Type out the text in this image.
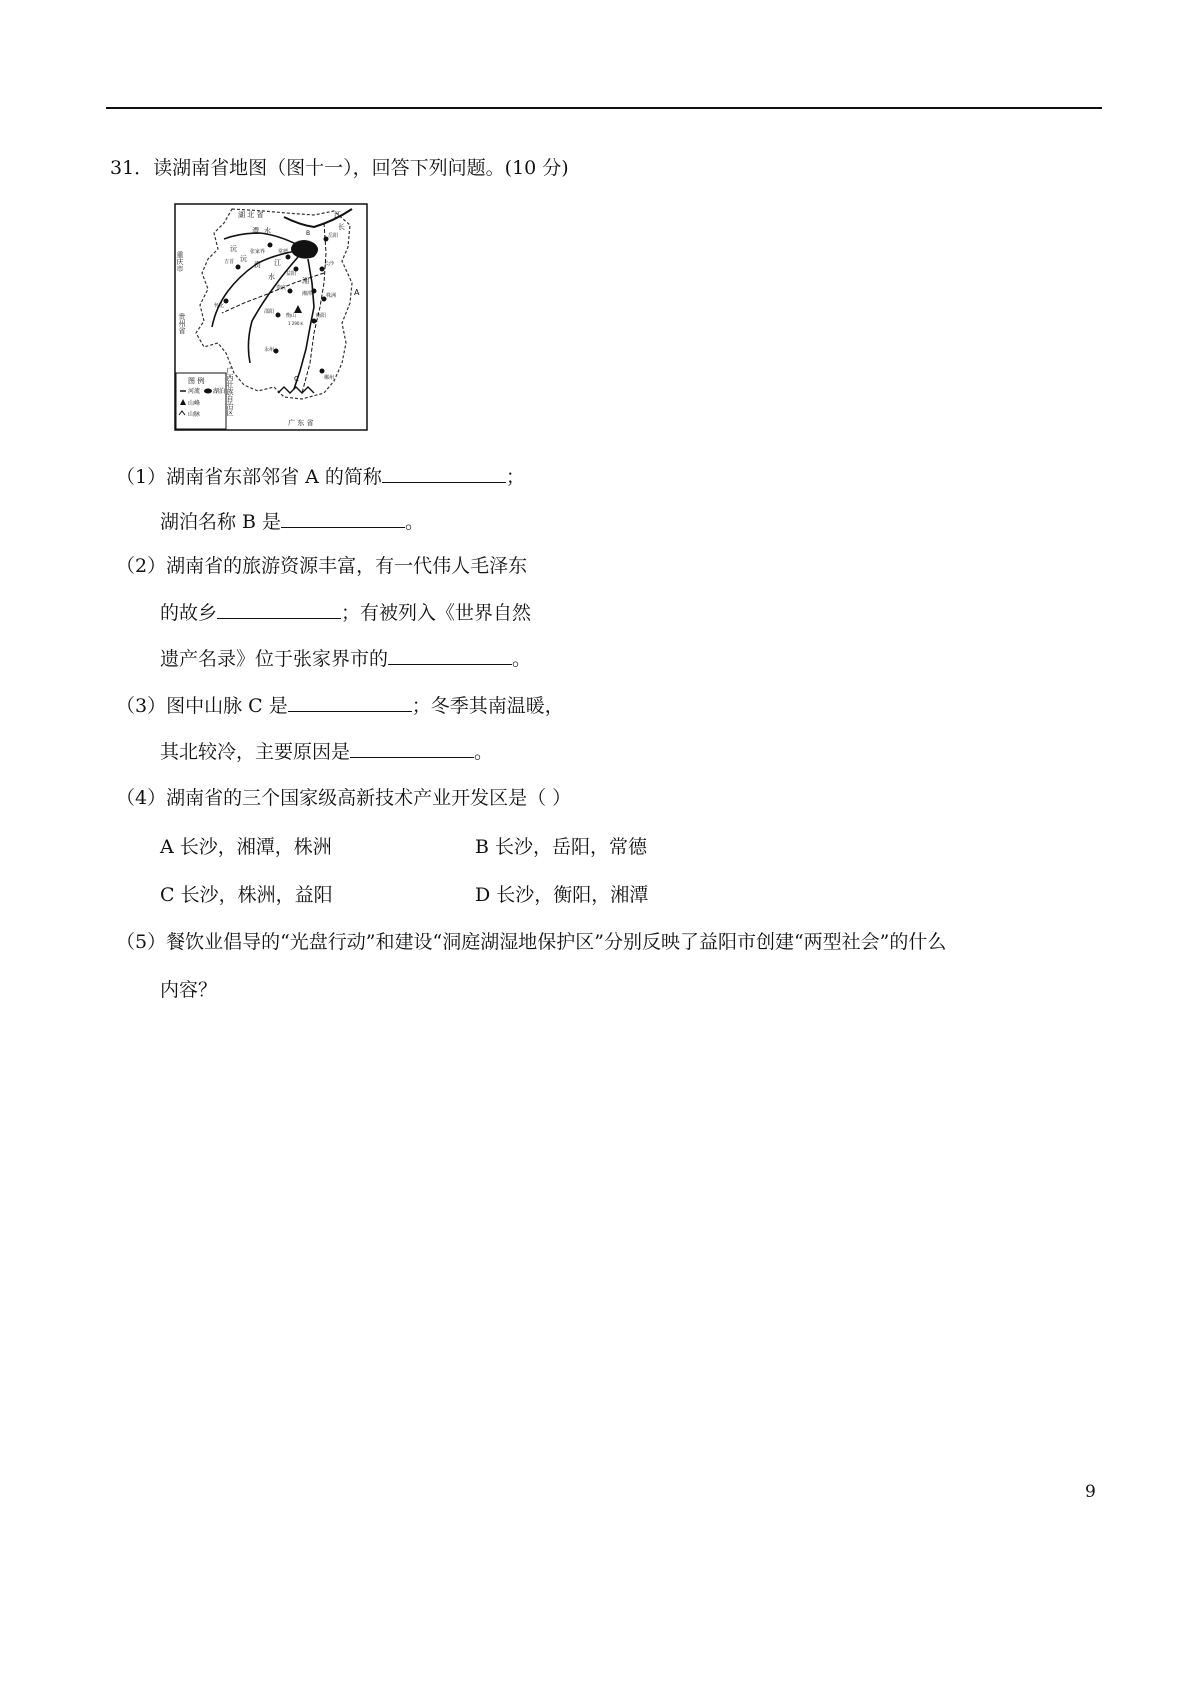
31．读湖南省地图（图十一），回答下列问题。(10 分)
湖 北 省	江
长
重庆市
贵州省
澧 水
沅
资
沅	江
水	湘
张家界	常德
吉首
益阳
岳阳
长沙
娄底
湘潭	株洲
衡山
1 290米
衡阳
邵阳
怀化
永州
郴州
广西壮族自治区
广 东 省
A
B
C
图 例
河流 湖泊
山峰
山脉
（1）湖南省东部邻省 A 的简称	；
湖泊名称 B 是	。
（2）湖南省的旅游资源丰富，有一代伟人毛泽东
的故乡	；有被列入《世界自然
遗产名录》位于张家界市的	。
（3）图中山脉 C 是	；冬季其南温暖，
其北较冷，主要原因是	。
（4）湖南省的三个国家级高新技术产业开发区是（ ）
A 长沙，湘潭，株洲	B 长沙，岳阳，常德
C 长沙，株洲，益阳	D 长沙，衡阳，湘潭
（5）餐饮业倡导的“光盘行动”和建设“洞庭湖湿地保护区”分别反映了益阳市创建“两型社会”的什么
内容？
9
